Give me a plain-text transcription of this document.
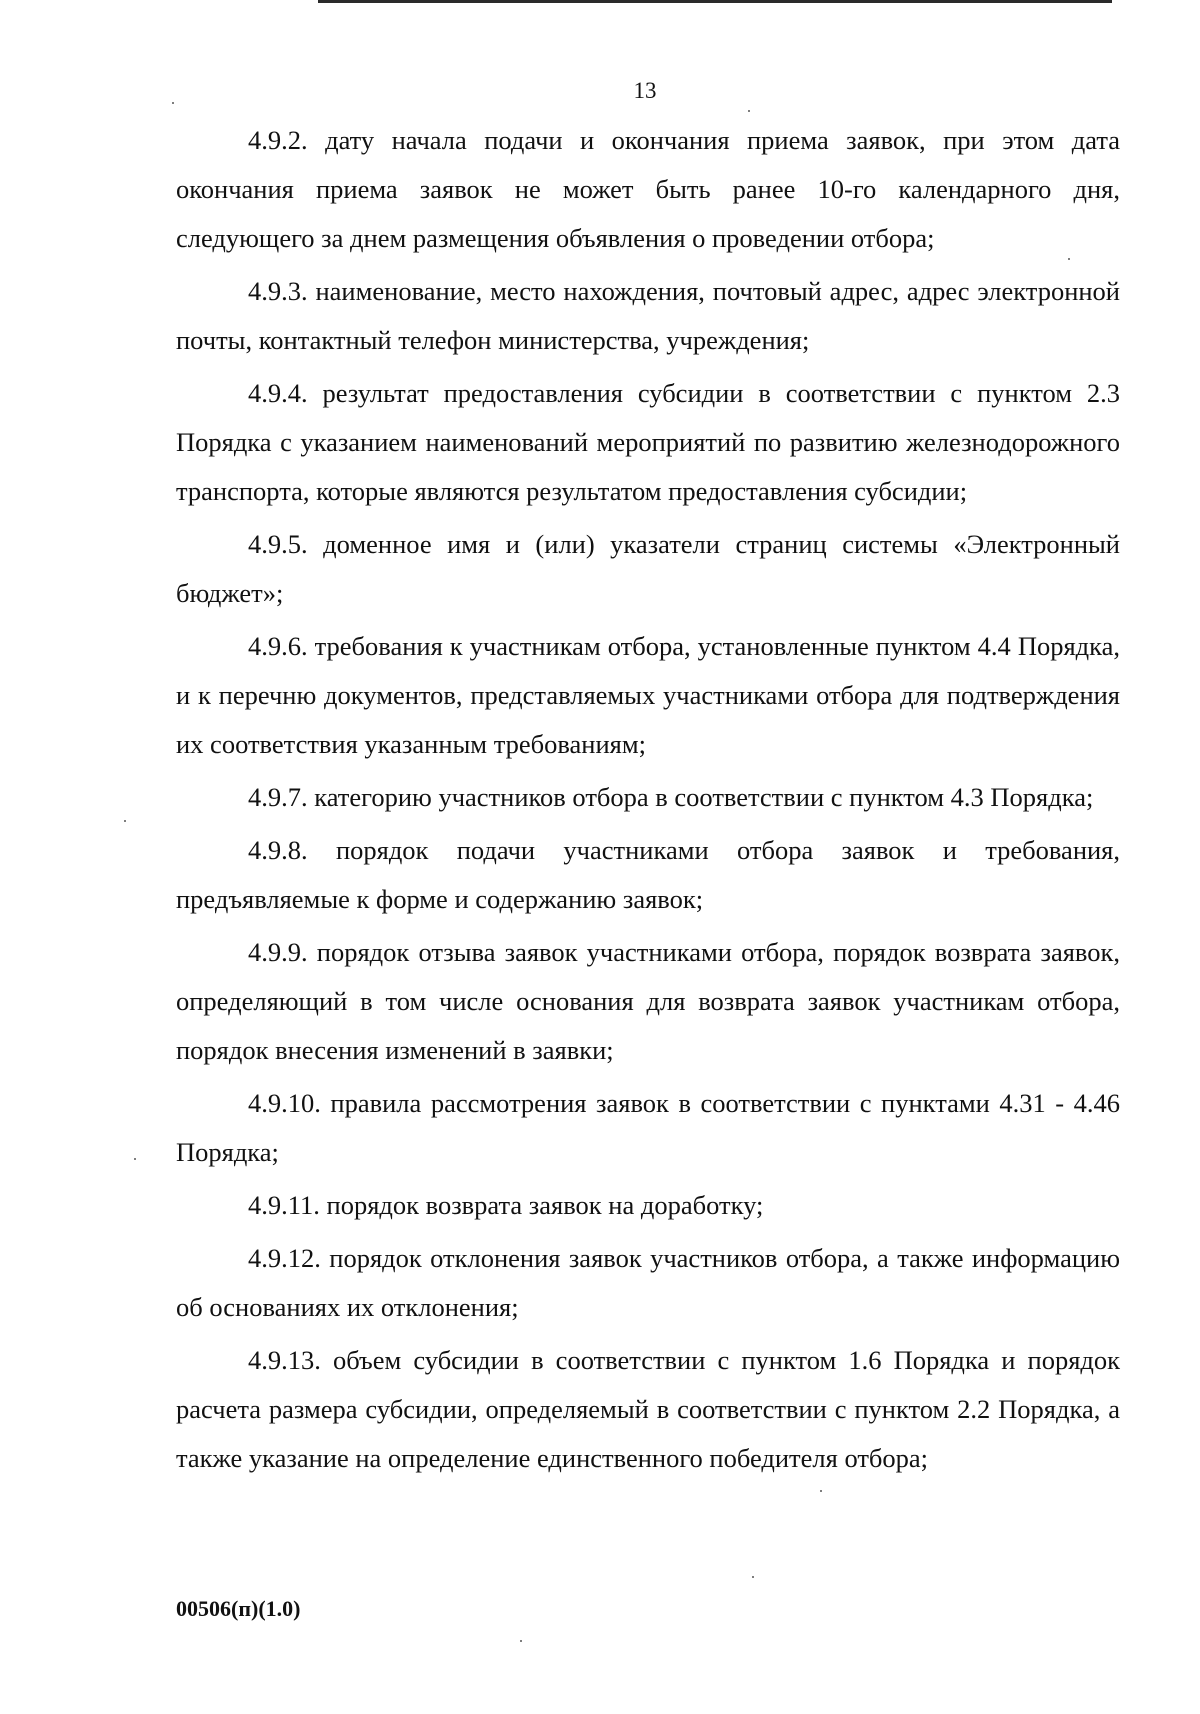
13

4.9.2. дату начала подачи и окончания приема заявок, при этом дата окончания приема заявок не может быть ранее 10-го календарного дня, следующего за днем размещения объявления о проведении отбора;

4.9.3. наименование, место нахождения, почтовый адрес, адрес электронной почты, контактный телефон министерства, учреждения;

4.9.4. результат предоставления субсидии в соответствии с пунктом 2.3 Порядка с указанием наименований мероприятий по развитию железнодорожного транспорта, которые являются результатом предоставления субсидии;

4.9.5. доменное имя и (или) указатели страниц системы «Электронный бюджет»;

4.9.6. требования к участникам отбора, установленные пунктом 4.4 Порядка, и к перечню документов, представляемых участниками отбора для подтверждения их соответствия указанным требованиям;

4.9.7. категорию участников отбора в соответствии с пунктом 4.3 Порядка;

4.9.8. порядок подачи участниками отбора заявок и требования, предъявляемые к форме и содержанию заявок;

4.9.9. порядок отзыва заявок участниками отбора, порядок возврата заявок, определяющий в том числе основания для возврата заявок участникам отбора, порядок внесения изменений в заявки;

4.9.10. правила рассмотрения заявок в соответствии с пунктами 4.31 - 4.46 Порядка;

4.9.11. порядок возврата заявок на доработку;

4.9.12. порядок отклонения заявок участников отбора, а также информацию об основаниях их отклонения;

4.9.13. объем субсидии в соответствии с пунктом 1.6 Порядка и порядок расчета размера субсидии, определяемый в соответствии с пунктом 2.2 Порядка, а также указание на определение единственного победителя отбора;

00506(п)(1.0)
